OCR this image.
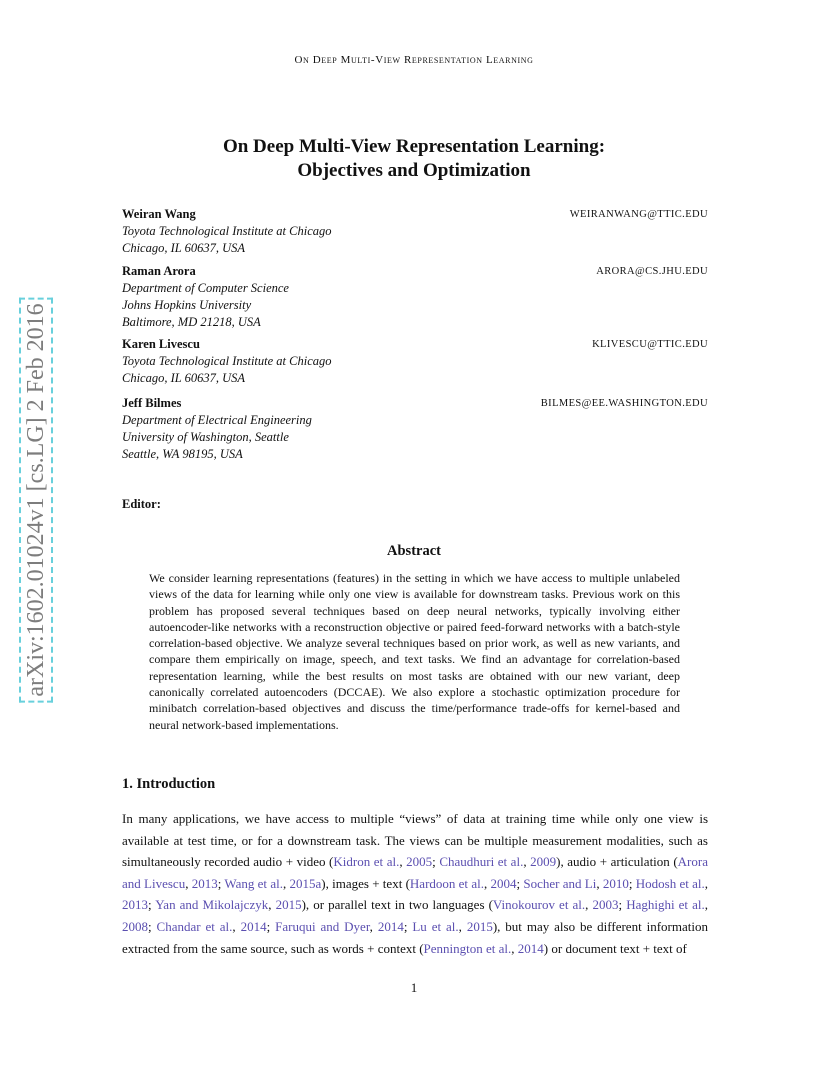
On Deep Multi-View Representation Learning
On Deep Multi-View Representation Learning:
Objectives and Optimization
Weiran Wang	WEIRANWANG@TTIC.EDU
Toyota Technological Institute at Chicago
Chicago, IL 60637, USA
Raman Arora	ARORA@CS.JHU.EDU
Department of Computer Science
Johns Hopkins University
Baltimore, MD 21218, USA
Karen Livescu	KLIVESCU@TTIC.EDU
Toyota Technological Institute at Chicago
Chicago, IL 60637, USA
Jeff Bilmes	BILMES@EE.WASHINGTON.EDU
Department of Electrical Engineering
University of Washington, Seattle
Seattle, WA 98195, USA
Editor:
Abstract
We consider learning representations (features) in the setting in which we have access to multiple unlabeled views of the data for learning while only one view is available for downstream tasks. Previous work on this problem has proposed several techniques based on deep neural networks, typically involving either autoencoder-like networks with a reconstruction objective or paired feed-forward networks with a batch-style correlation-based objective. We analyze several techniques based on prior work, as well as new variants, and compare them empirically on image, speech, and text tasks. We find an advantage for correlation-based representation learning, while the best results on most tasks are obtained with our new variant, deep canonically correlated autoencoders (DCCAE). We also explore a stochastic optimization procedure for minibatch correlation-based objectives and discuss the time/performance trade-offs for kernel-based and neural network-based implementations.
1. Introduction
In many applications, we have access to multiple “views” of data at training time while only one view is available at test time, or for a downstream task. The views can be multiple measurement modalities, such as simultaneously recorded audio + video (Kidron et al., 2005; Chaudhuri et al., 2009), audio + articulation (Arora and Livescu, 2013; Wang et al., 2015a), images + text (Hardoon et al., 2004; Socher and Li, 2010; Hodosh et al., 2013; Yan and Mikolajczyk, 2015), or parallel text in two languages (Vinokourov et al., 2003; Haghighi et al., 2008; Chandar et al., 2014; Faruqui and Dyer, 2014; Lu et al., 2015), but may also be different information extracted from the same source, such as words + context (Pennington et al., 2014) or document text + text of
1
arXiv:1602.01024v1 [cs.LG] 2 Feb 2016
